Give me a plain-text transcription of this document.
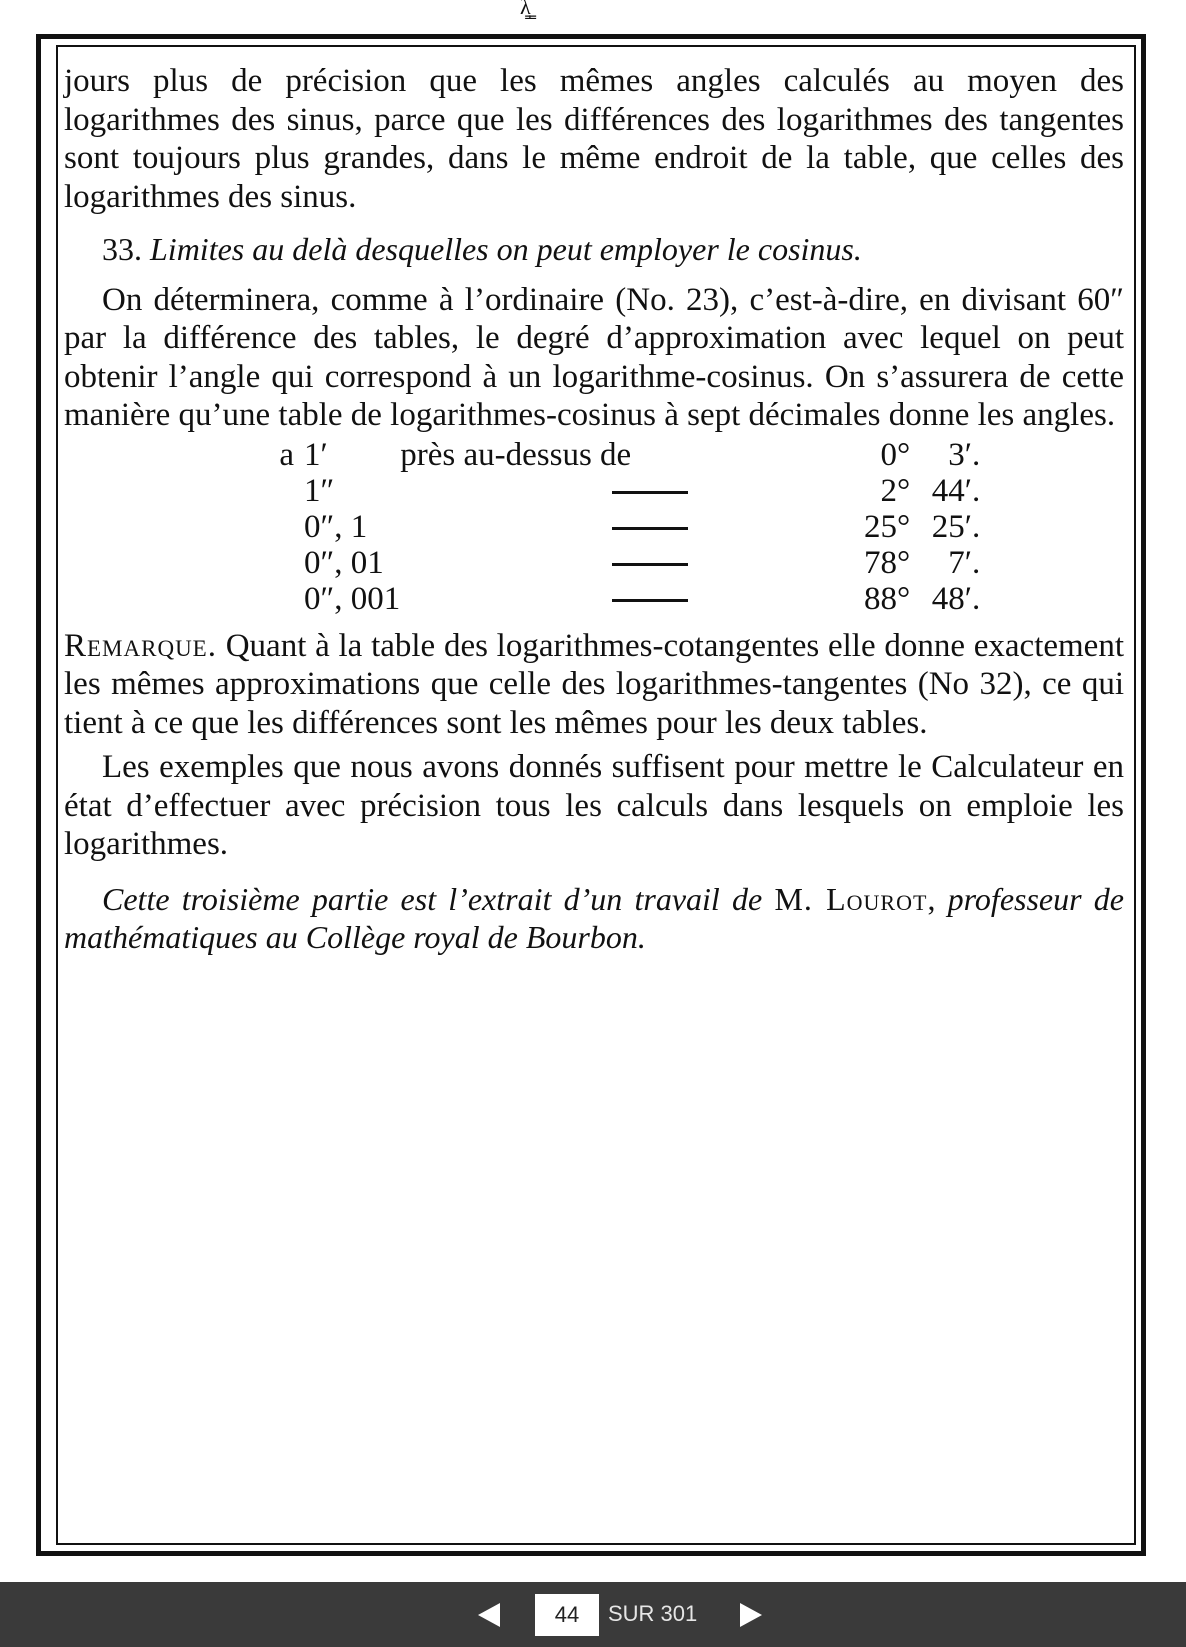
λ͇ͅ

jours plus de précision que les mêmes angles calculés au moyen des logarithmes des sinus, parce que les différences des logarithmes des tangentes sont toujours plus grandes, dans le même endroit de la table, que celles des logarithmes des sinus.

33. Limites au delà desquelles on peut employer le cosinus.

On déterminera, comme à l’ordinaire (No. 23), c’est-à-dire, en divisant 60″ par la différence des tables, le degré d’approximation avec lequel on peut obtenir l’angle qui correspond à un logarithme-cosinus. On s’assurera de cette manière qu’une table de logarithmes-cosinus à sept décimales donne les angles.

a	1′	près au-dessus de		0°	3′.
	1″			2°	44′.
	0″, 1			25°	25′.
	0″, 01			78°	7′.
	0″, 001			88°	48′.

Remarque. Quant à la table des logarithmes-cotangentes elle donne exactement les mêmes approximations que celle des logarithmes-tangentes (No 32), ce qui tient à ce que les différences sont les mêmes pour les deux tables.

Les exemples que nous avons donnés suffisent pour mettre le Calculateur en état d’effectuer avec précision tous les calculs dans lesquels on emploie les logarithmes.

Cette troisième partie est l’extrait d’un travail de M. Lourot, professeur de mathématiques au Collège royal de Bourbon.

44
SUR 301
